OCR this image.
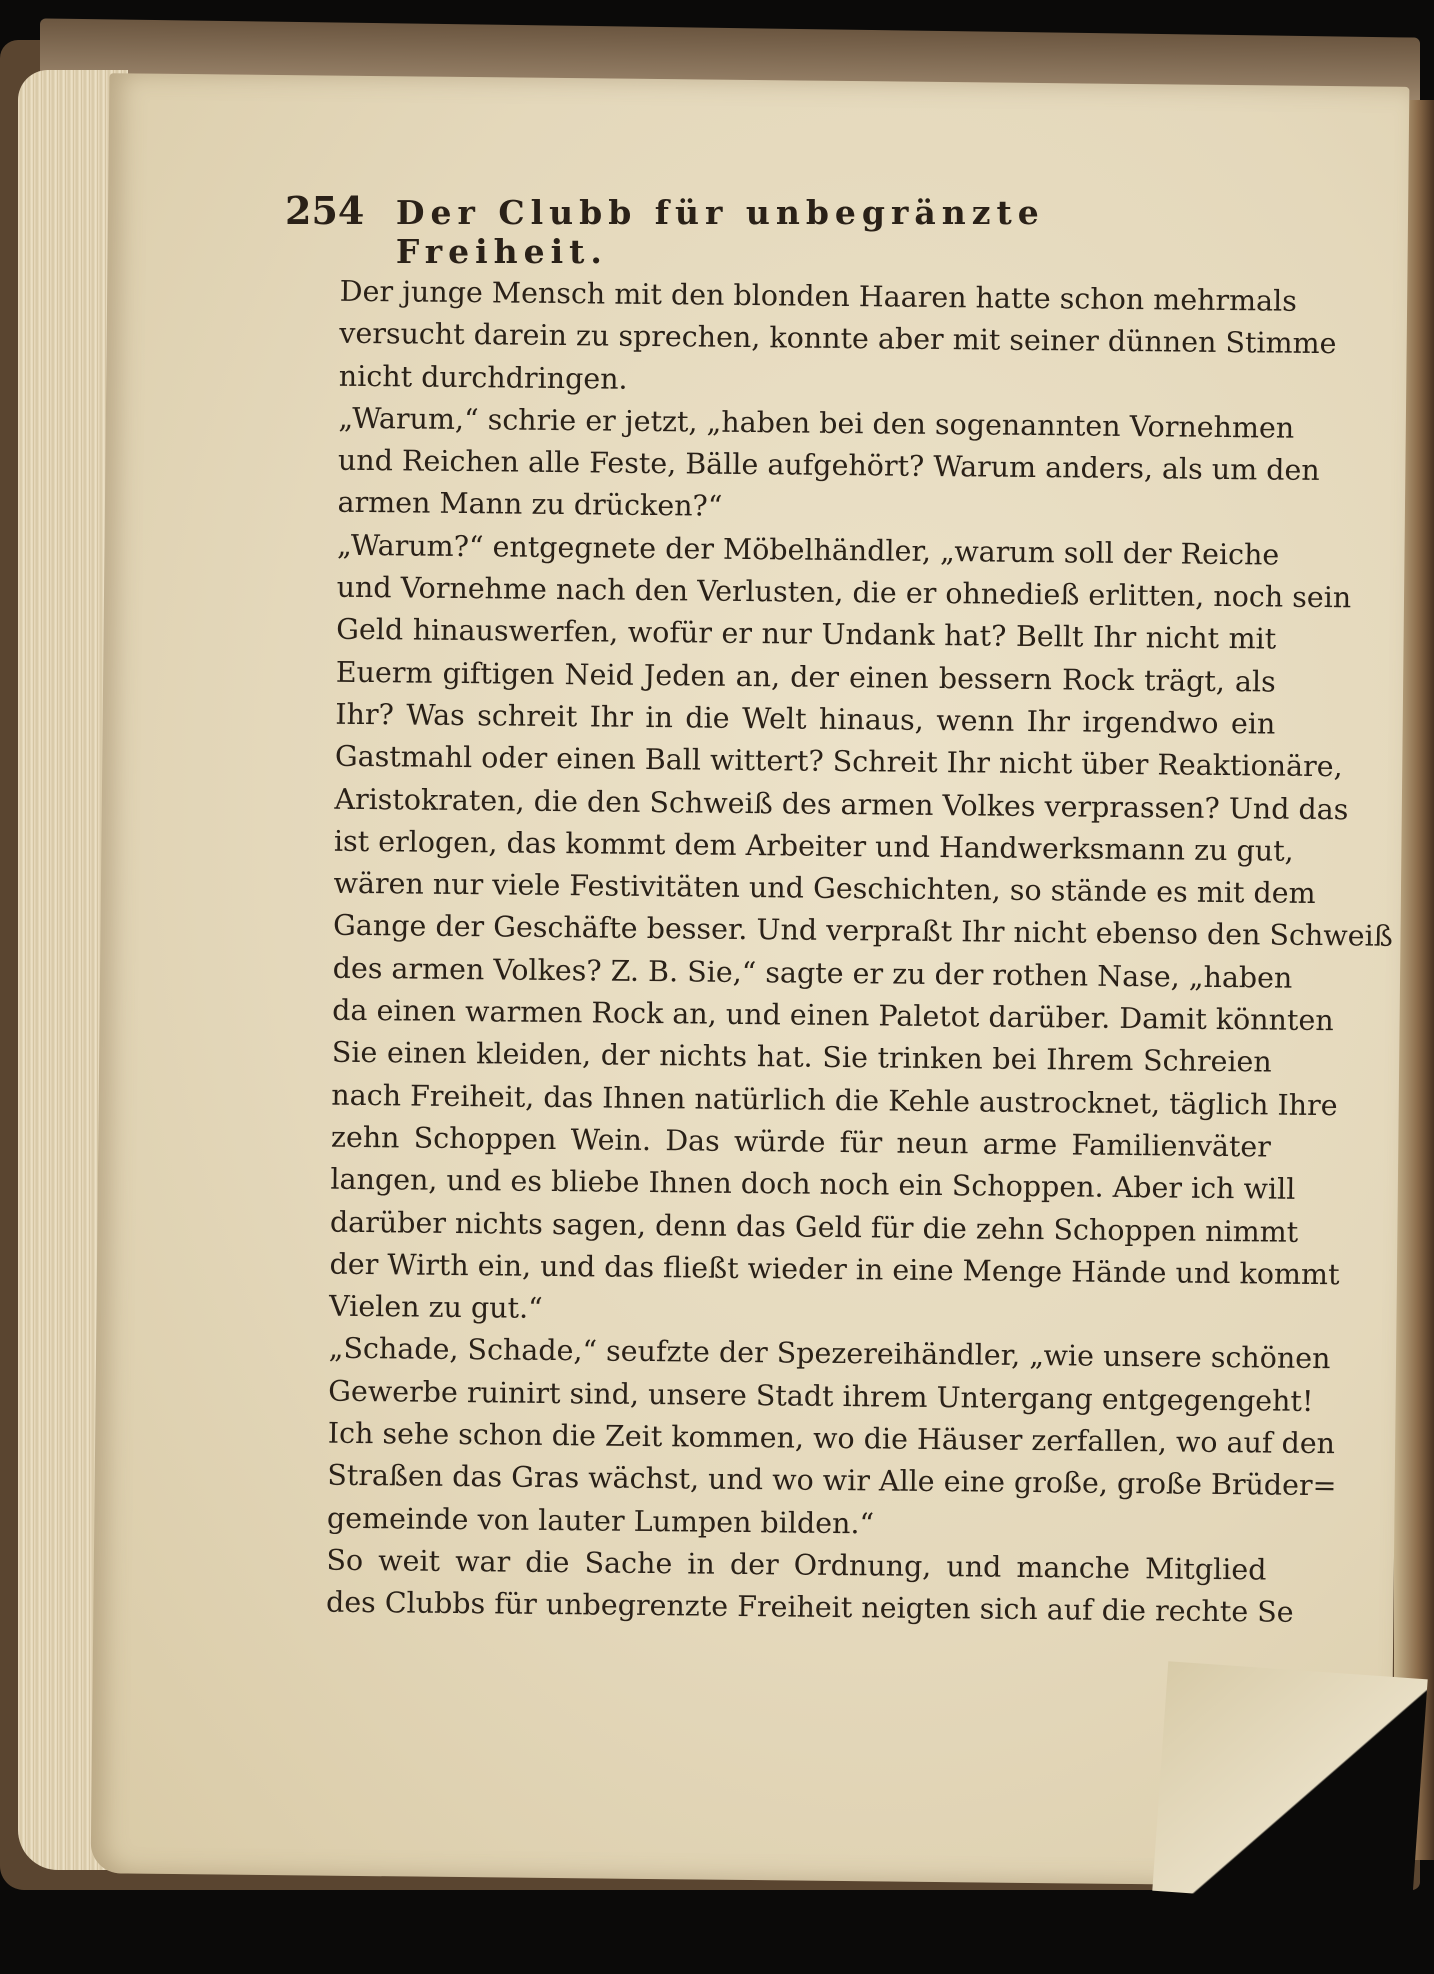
254 Der Clubb für unbegränzte Freiheit.

Der junge Mensch mit den blonden Haaren hatte schon mehrmals
versucht darein zu sprechen, konnte aber mit seiner dünnen Stimme
nicht durchdringen.

„Warum,“ schrie er jetzt, „haben bei den sogenannten Vornehmen
und Reichen alle Feste, Bälle aufgehört? Warum anders, als um den
armen Mann zu drücken?“

„Warum?“ entgegnete der Möbelhändler, „warum soll der Reiche
und Vornehme nach den Verlusten, die er ohnedieß erlitten, noch sein
Geld hinauswerfen, wofür er nur Undank hat? Bellt Ihr nicht mit
Euerm giftigen Neid Jeden an, der einen bessern Rock trägt, als
Ihr? Was schreit Ihr in die Welt hinaus, wenn Ihr irgendwo ein
Gastmahl oder einen Ball wittert? Schreit Ihr nicht über Reaktionäre,
Aristokraten, die den Schweiß des armen Volkes verprassen? Und das
ist erlogen, das kommt dem Arbeiter und Handwerksmann zu gut,
wären nur viele Festivitäten und Geschichten, so stände es mit dem
Gange der Geschäfte besser. Und verpraßt Ihr nicht ebenso den Schweiß
des armen Volkes? Z. B. Sie,“ sagte er zu der rothen Nase, „haben
da einen warmen Rock an, und einen Paletot darüber. Damit könnten
Sie einen kleiden, der nichts hat. Sie trinken bei Ihrem Schreien
nach Freiheit, das Ihnen natürlich die Kehle austrocknet, täglich Ihre
zehn Schoppen Wein. Das würde für neun arme Familienväter
langen, und es bliebe Ihnen doch noch ein Schoppen. Aber ich will
darüber nichts sagen, denn das Geld für die zehn Schoppen nimmt
der Wirth ein, und das fließt wieder in eine Menge Hände und kommt
Vielen zu gut.“

„Schade, Schade,“ seufzte der Spezereihändler, „wie unsere schönen
Gewerbe ruinirt sind, unsere Stadt ihrem Untergang entgegengeht!
Ich sehe schon die Zeit kommen, wo die Häuser zerfallen, wo auf den
Straßen das Gras wächst, und wo wir Alle eine große, große Brüder=
gemeinde von lauter Lumpen bilden.“

So weit war die Sache in der Ordnung, und manche Mitglied
des Clubbs für unbegrenzte Freiheit neigten sich auf die rechte Se
